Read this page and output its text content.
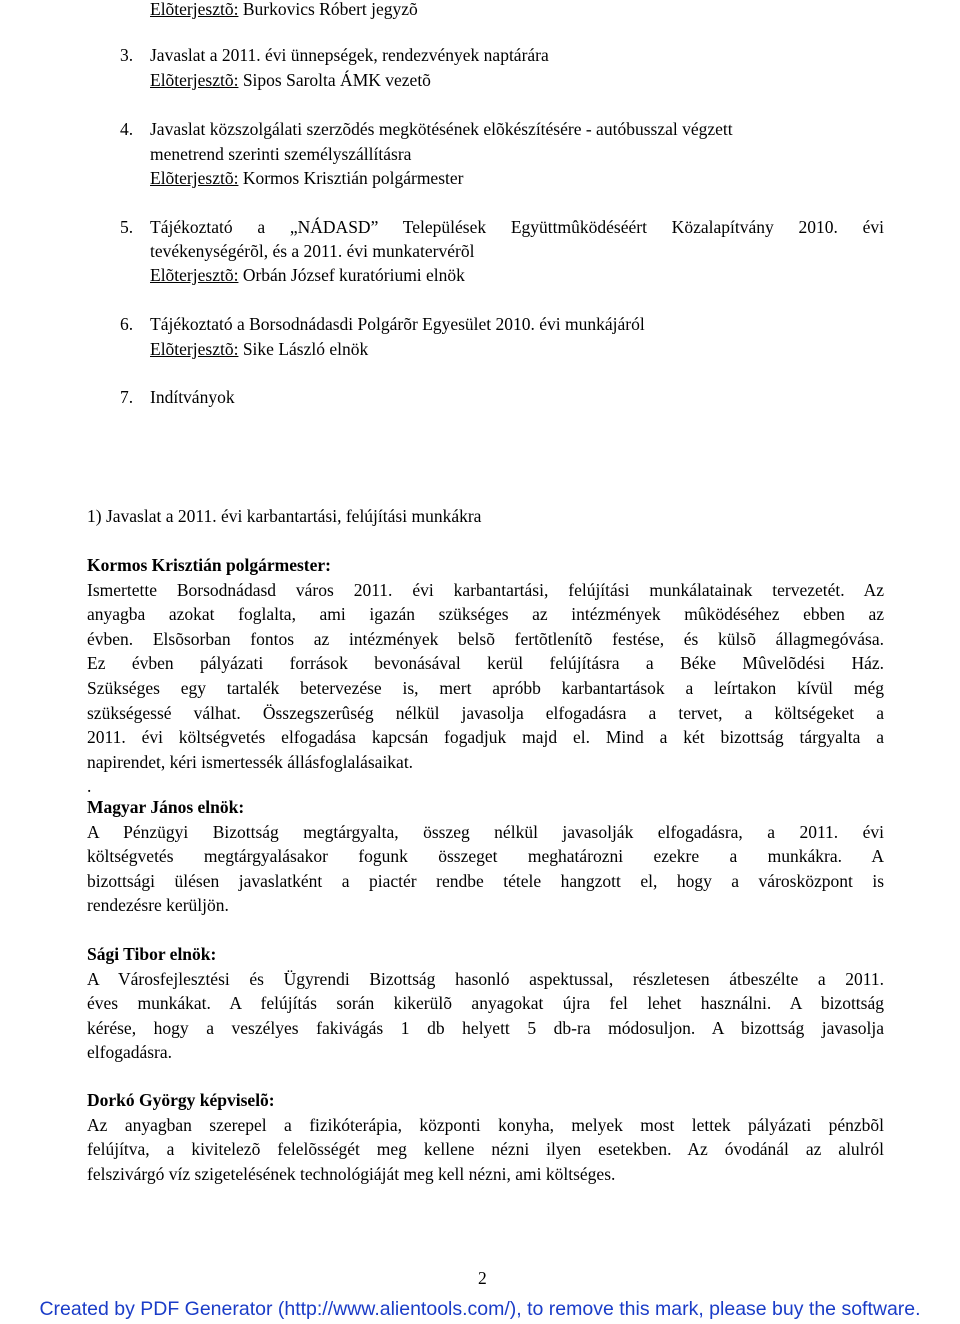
Elõterjesztõ: Burkovics Róbert jegyzõ
3. Javaslat a 2011. évi ünnepségek, rendezvények naptárára
Elõterjesztõ: Sipos Sarolta ÁMK vezetõ
4. Javaslat közszolgálati szerzõdés megkötésének elõkészítésére - autóbusszal végzett
menetrend szerinti személyszállításra
Elõterjesztõ: Kormos Krisztián polgármester
5. Tájékoztató a „NÁDASD” Települések Együttmûködéséért Közalapítvány 2010. évi
tevékenységérõl, és a 2011. évi munkatervérõl
Elõterjesztõ: Orbán József kuratóriumi elnök
6. Tájékoztató a Borsodnádasdi Polgárõr Egyesület 2010. évi munkájáról
Elõterjesztõ: Sike László elnök
7. Indítványok
1) Javaslat a 2011. évi karbantartási, felújítási munkákra
Kormos Krisztián polgármester:
Ismertette Borsodnádasd város 2011. évi karbantartási, felújítási munkálatainak tervezetét. Az
anyagba azokat foglalta, ami igazán szükséges az intézmények mûködéséhez ebben az
évben. Elsõsorban fontos az intézmények belsõ fertõtlenítõ festése, és külsõ állagmegóvása.
Ez évben pályázati források bevonásával kerül felújításra a Béke Mûvelõdési Ház.
Szükséges egy tartalék betervezése is, mert apróbb karbantartások a leírtakon kívül még
szükségessé válhat. Összegszerûség nélkül javasolja elfogadásra a tervet, a költségeket a
2011. évi költségvetés elfogadása kapcsán fogadjuk majd el. Mind a két bizottság tárgyalta a
napirendet, kéri ismertessék állásfoglalásaikat.
.
Magyar János elnök:
A Pénzügyi Bizottság megtárgyalta, összeg nélkül javasolják elfogadásra, a 2011. évi
költségvetés megtárgyalásakor fogunk összeget meghatározni ezekre a munkákra. A
bizottsági ülésen javaslatként a piactér rendbe tétele hangzott el, hogy a városközpont is
rendezésre kerüljön.
Sági Tibor elnök:
A Városfejlesztési és Ügyrendi Bizottság hasonló aspektussal, részletesen átbeszélte a 2011.
éves munkákat. A felújítás során kikerülõ anyagokat újra fel lehet használni. A bizottság
kérése, hogy a veszélyes fakivágás 1 db helyett 5 db-ra módosuljon. A bizottság javasolja
elfogadásra.
Dorkó György képviselõ:
Az anyagban szerepel a fizikóterápia, központi konyha, melyek most lettek pályázati pénzbõl
felújítva, a kivitelezõ felelõsségét meg kellene nézni ilyen esetekben. Az óvodánál az alulról
felszivárgó víz szigetelésének technológiáját meg kell nézni, ami költséges.
2
Created by PDF Generator (http://www.alientools.com/), to remove this mark, please buy the software.
